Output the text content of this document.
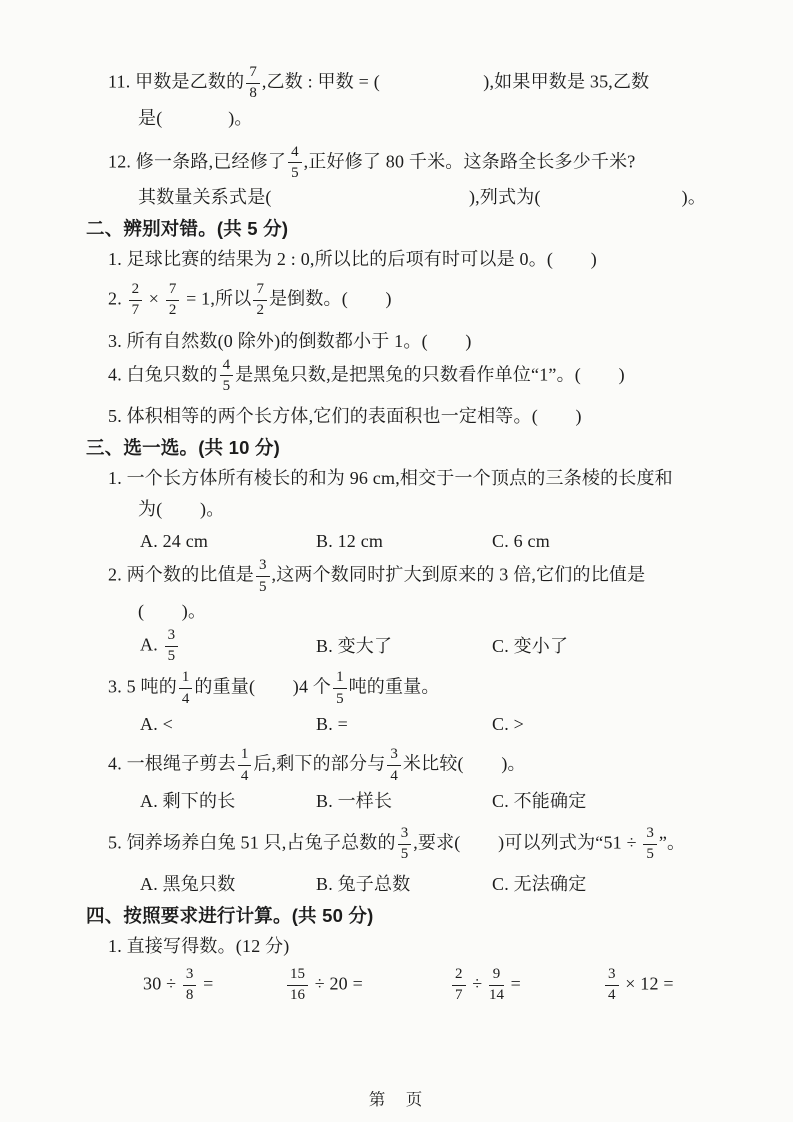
11. 甲数是乙数的 $\frac{7}{8}$ ,乙数 : 甲数 = (                      ),如果甲数是 35,乙数
是(              )。
12. 修一条路,已经修了 $\frac{4}{5}$ ,正好修了 80 千米。这条路全长多少千米?
其数量关系式是(                                          ),列式为(                              )。
二、辨别对错。(共 5 分)
1. 足球比赛的结果为 2 : 0,所以比的后项有时可以是 0。(        )
2. $\frac{2}{7} \times \frac{7}{2} = 1$,所以 $\frac{7}{2}$ 是倒数。(        )
3. 所有自然数(0 除外)的倒数都小于 1。(        )
4. 白兔只数的 $\frac{4}{5}$ 是黑兔只数,是把黑兔的只数看作单位“1”。(        )
5. 体积相等的两个长方体,它们的表面积也一定相等。(        )
三、选一选。(共 10 分)
1. 一个长方体所有棱长的和为 96 cm,相交于一个顶点的三条棱的长度和
为(        )。
A. 24 cm	B. 12 cm	C. 6 cm
2. 两个数的比值是 $\frac{3}{5}$ ,这两个数同时扩大到原来的 3 倍,它们的比值是
(        )。
A. $\frac{3}{5}$	B. 变大了	C. 变小了
3. 5 吨的 $\frac{1}{4}$ 的重量(        )4 个 $\frac{1}{5}$ 吨的重量。
A. <	B. =	C. >
4. 一根绳子剪去 $\frac{1}{4}$ 后,剩下的部分与 $\frac{3}{4}$ 米比较(        )。
A. 剩下的长	B. 一样长	C. 不能确定
5. 饲养场养白兔 51 只,占兔子总数的 $\frac{3}{5}$ ,要求(        )可以列式为“$51 \div \frac{3}{5}$ ”。
A. 黑兔只数	B. 兔子总数	C. 无法确定
四、按照要求进行计算。(共 50 分)
1. 直接写得数。(12 分)
$30 \div \frac{3}{8}$ =	$\frac{15}{16} \div 20$ =	$\frac{2}{7} \div \frac{9}{14}$ =	$\frac{3}{4} \times 12$ =
第　页
